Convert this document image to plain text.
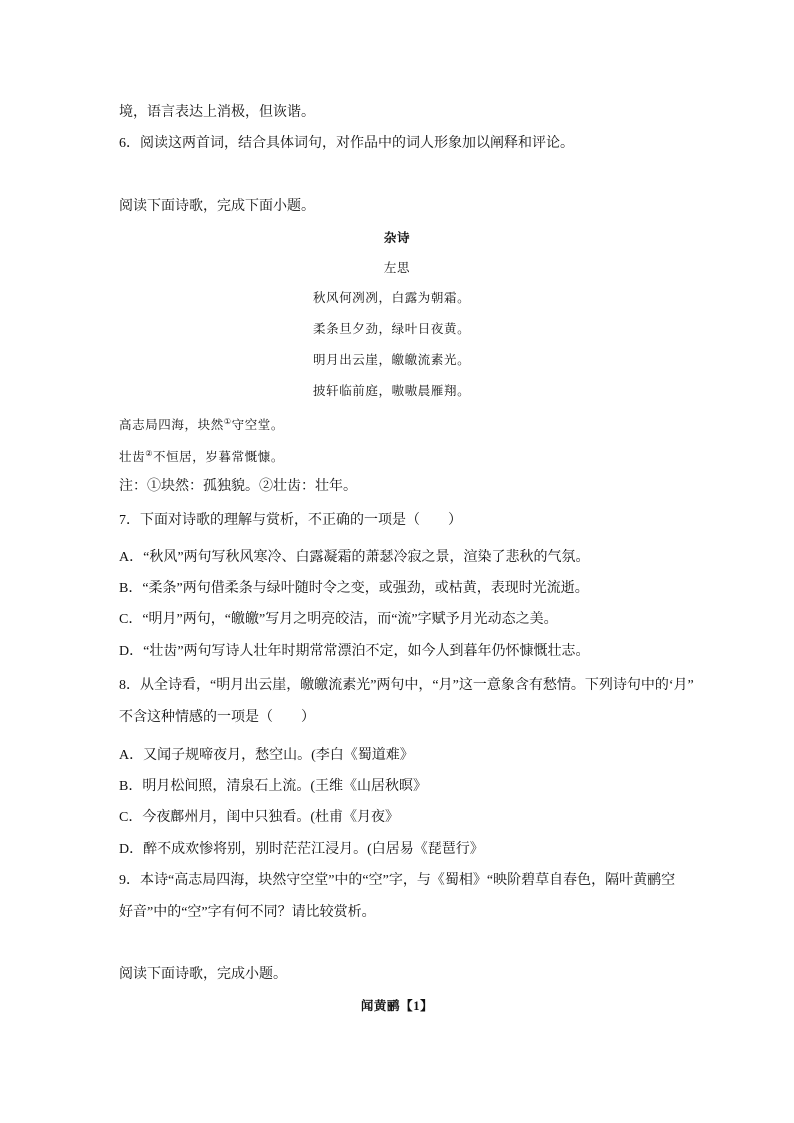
境，语言表达上消极，但诙谐。
6．阅读这两首词，结合具体词句，对作品中的词人形象加以阐释和评论。
阅读下面诗歌，完成下面小题。
杂诗
左思
秋风何冽冽，白露为朝霜。
柔条旦夕劲，绿叶日夜黄。
明月出云崖，皦皦流素光。
披轩临前庭，嗷嗷晨雁翔。
高志局四海，块然①守空堂。
壮齿②不恒居，岁暮常慨慷。
注：①块然：孤独貌。②壮齿：壮年。
7．下面对诗歌的理解与赏析，不正确的一项是（　　）
A．“秋风”两句写秋风寒冷、白露凝霜的萧瑟冷寂之景，渲染了悲秋的气氛。
B．“柔条”两句借柔条与绿叶随时令之变，或强劲，或枯黄，表现时光流逝。
C．“明月”两句，“皦皦”写月之明亮皎洁，而“流”字赋予月光动态之美。
D．“壮齿”两句写诗人壮年时期常常漂泊不定，如今人到暮年仍怀慷慨壮志。
8．从全诗看，“明月出云崖，皦皦流素光”两句中，“月”这一意象含有愁情。下列诗句中的‘月”
不含这种情感的一项是（　　）
A．又闻子规啼夜月，愁空山。(李白《蜀道难》
B．明月松间照，清泉石上流。(王维《山居秋暝》
C．今夜鄜州月，闺中只独看。(杜甫《月夜》
D．醉不成欢惨将别，别时茫茫江浸月。(白居易《琵琶行》
9．本诗“高志局四海，块然守空堂”中的“空”字，与《蜀相》“映阶碧草自春色，隔叶黄鹂空
好音”中的“空”字有何不同？请比较赏析。
阅读下面诗歌，完成小题。
闻黄鹂【1】
